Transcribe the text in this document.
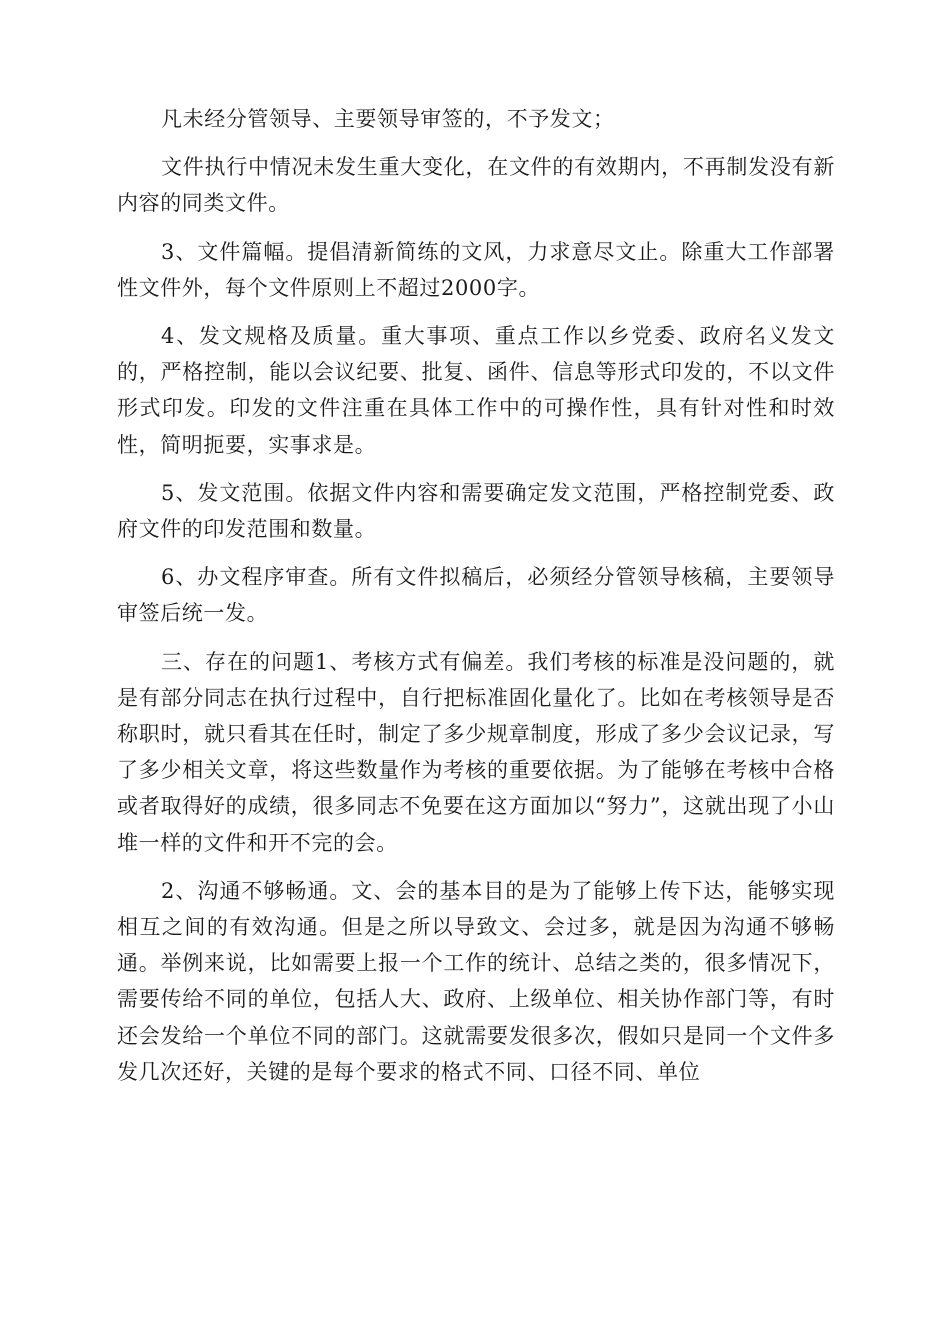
凡未经分管领导、主要领导审签的，不予发文；

文件执行中情况未发生重大变化，在文件的有效期内，不再制发没有新内容的同类文件。

3、文件篇幅。提倡清新简练的文风，力求意尽文止。除重大工作部署性文件外，每个文件原则上不超过2000字。

4、发文规格及质量。重大事项、重点工作以乡党委、政府名义发文的，严格控制，能以会议纪要、批复、函件、信息等形式印发的，不以文件形式印发。印发的文件注重在具体工作中的可操作性，具有针对性和时效性，简明扼要，实事求是。

5、发文范围。依据文件内容和需要确定发文范围，严格控制党委、政府文件的印发范围和数量。

6、办文程序审查。所有文件拟稿后，必须经分管领导核稿，主要领导审签后统一发。

三、存在的问题1、考核方式有偏差。我们考核的标准是没问题的，就是有部分同志在执行过程中，自行把标准固化量化了。比如在考核领导是否称职时，就只看其在任时，制定了多少规章制度，形成了多少会议记录，写了多少相关文章，将这些数量作为考核的重要依据。为了能够在考核中合格或者取得好的成绩，很多同志不免要在这方面加以“努力”，这就出现了小山堆一样的文件和开不完的会。

2、沟通不够畅通。文、会的基本目的是为了能够上传下达，能够实现相互之间的有效沟通。但是之所以导致文、会过多，就是因为沟通不够畅通。举例来说，比如需要上报一个工作的统计、总结之类的，很多情况下，需要传给不同的单位，包括人大、政府、上级单位、相关协作部门等，有时还会发给一个单位不同的部门。这就需要发很多次，假如只是同一个文件多发几次还好，关键的是每个要求的格式不同、口径不同、单位
